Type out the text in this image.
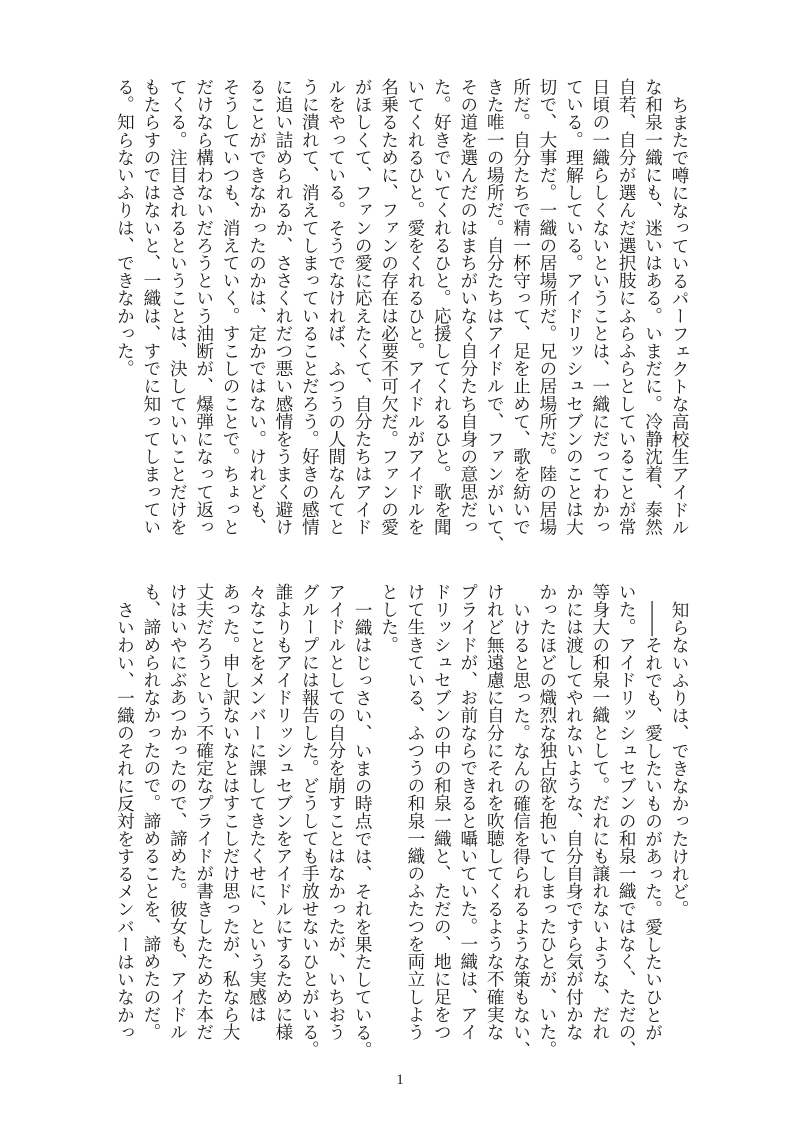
ちまたで噂になっているパーフェクトな高校生アイドル
な和泉一織にも、迷いはある。いまだに。冷静沈着、泰然
自若、自分が選んだ選択肢にふらふらとしていることが常
日頃の一織らしくないということは、一織にだってわかっ
ている。理解している。アイドリッシュセブンのことは大
切で、大事だ。一織の居場所だ。兄の居場所だ。陸の居場
所だ。自分たちで精一杯守って、足を止めて、歌を紡いで
きた唯一の場所だ。自分たちはアイドルで、ファンがいて、
その道を選んだのはまちがいなく自分たち自身の意思だっ
た。好きでいてくれるひと。応援してくれるひと。歌を聞
いてくれるひと。愛をくれるひと。アイドルがアイドルを
名乗るために、ファンの存在は必要不可欠だ。ファンの愛
がほしくて、ファンの愛に応えたくて、自分たちはアイド
ルをやっている。そうでなければ、ふつうの人間なんてと
うに潰れて、消えてしまっていることだろう。好きの感情
に追い詰められるか、ささくれだつ悪い感情をうまく避け
ることができなかったのかは、定かではない。けれども、
そうしていつも、消えていく。すこしのことで。ちょっと
だけなら構わないだろうという油断が、爆弾になって返っ
てくる。注目されるということは、決していいことだけを
もたらすのではないと、一織は、すでに知ってしまってい
る。知らないふりは、できなかった。
知らないふりは、できなかったけれど。
――それでも、愛したいものがあった。愛したいひとが
いた。アイドリッシュセブンの和泉一織ではなく、ただの、
等身大の和泉一織として。だれにも譲れないような、だれ
かには渡してやれないような、自分自身ですら気が付かな
かったほどの熾烈な独占欲を抱いてしまったひとが、いた。
いけると思った。なんの確信を得られるような策もない、
けれど無遠慮に自分にそれを吹聴してくるような不確実な
プライドが、お前ならできると囁いていた。一織は、アイ
ドリッシュセブンの中の和泉一織と、ただの、地に足をつ
けて生きている、ふつうの和泉一織のふたつを両立しよう
とした。
一織はじっさい、いまの時点では、それを果たしている。
アイドルとしての自分を崩すことはなかったが、いちおう
グループには報告した。どうしても手放せないひとがいる。
誰よりもアイドリッシュセブンをアイドルにするために様
々なことをメンバーに課してきたくせに、という実感は
あった。申し訳ないなとはすこしだけ思ったが、私なら大
丈夫だろうという不確定なプライドが書きしたためた本だ
けはいやにぶあつかったので、諦めた。彼女も、アイドル
も、諦められなかったので。諦めることを、諦めたのだ。
さいわい、一織のそれに反対をするメンバーはいなかっ
1
